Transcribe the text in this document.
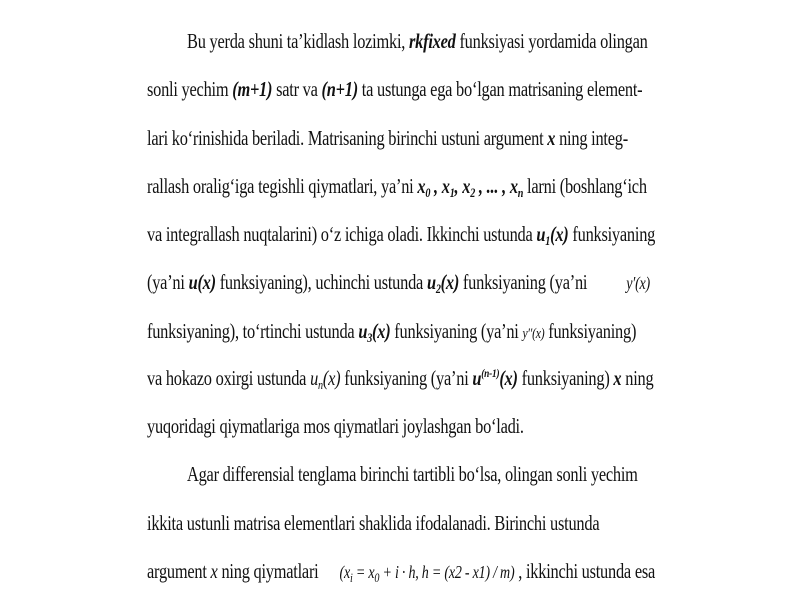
Bu yerda shuni ta’kidlash lozimki, rkfixed funksiyasi yordamida olingan
sonli yechim (m+1) satr va (n+1) ta ustunga ega bo‘lgan matrisaning element-
lari ko‘rinishida beriladi. Matrisaning birinchi ustuni argument x ning integ-
rallash oralig‘iga tegishli qiymatlari, ya’ni $x_0$ , $x_1$, $x_2$ , ... , $x_n$ larni (boshlang‘ich
va integrallash nuqtalarini) o‘z ichiga oladi. Ikkinchi ustunda $u_1(x)$ funksiyaning
(ya’ni u(x) funksiyaning), uchinchi ustunda $u_2(x)$ funksiyaning (ya’ni y′(x)
funksiyaning), to‘rtinchi ustunda $u_3(x)$ funksiyaning (ya’ni y′′(x) funksiyaning)
va hokazo oxirgi ustunda $u_n(x)$ funksiyaning (ya’ni $u^{(n-1)}(x)$ funksiyaning) x ning
yuqoridagi qiymatlariga mos qiymatlari joylashgan bo‘ladi.
Agar differensial tenglama birinchi tartibli bo‘lsa, olingan sonli yechim
ikkita ustunli matrisa elementlari shaklida ifodalanadi. Birinchi ustunda
argument x ning qiymatlari ($x_i = x_0 + i \cdot h$, h = (x2 - x1) / m) , ikkinchi ustunda esa
